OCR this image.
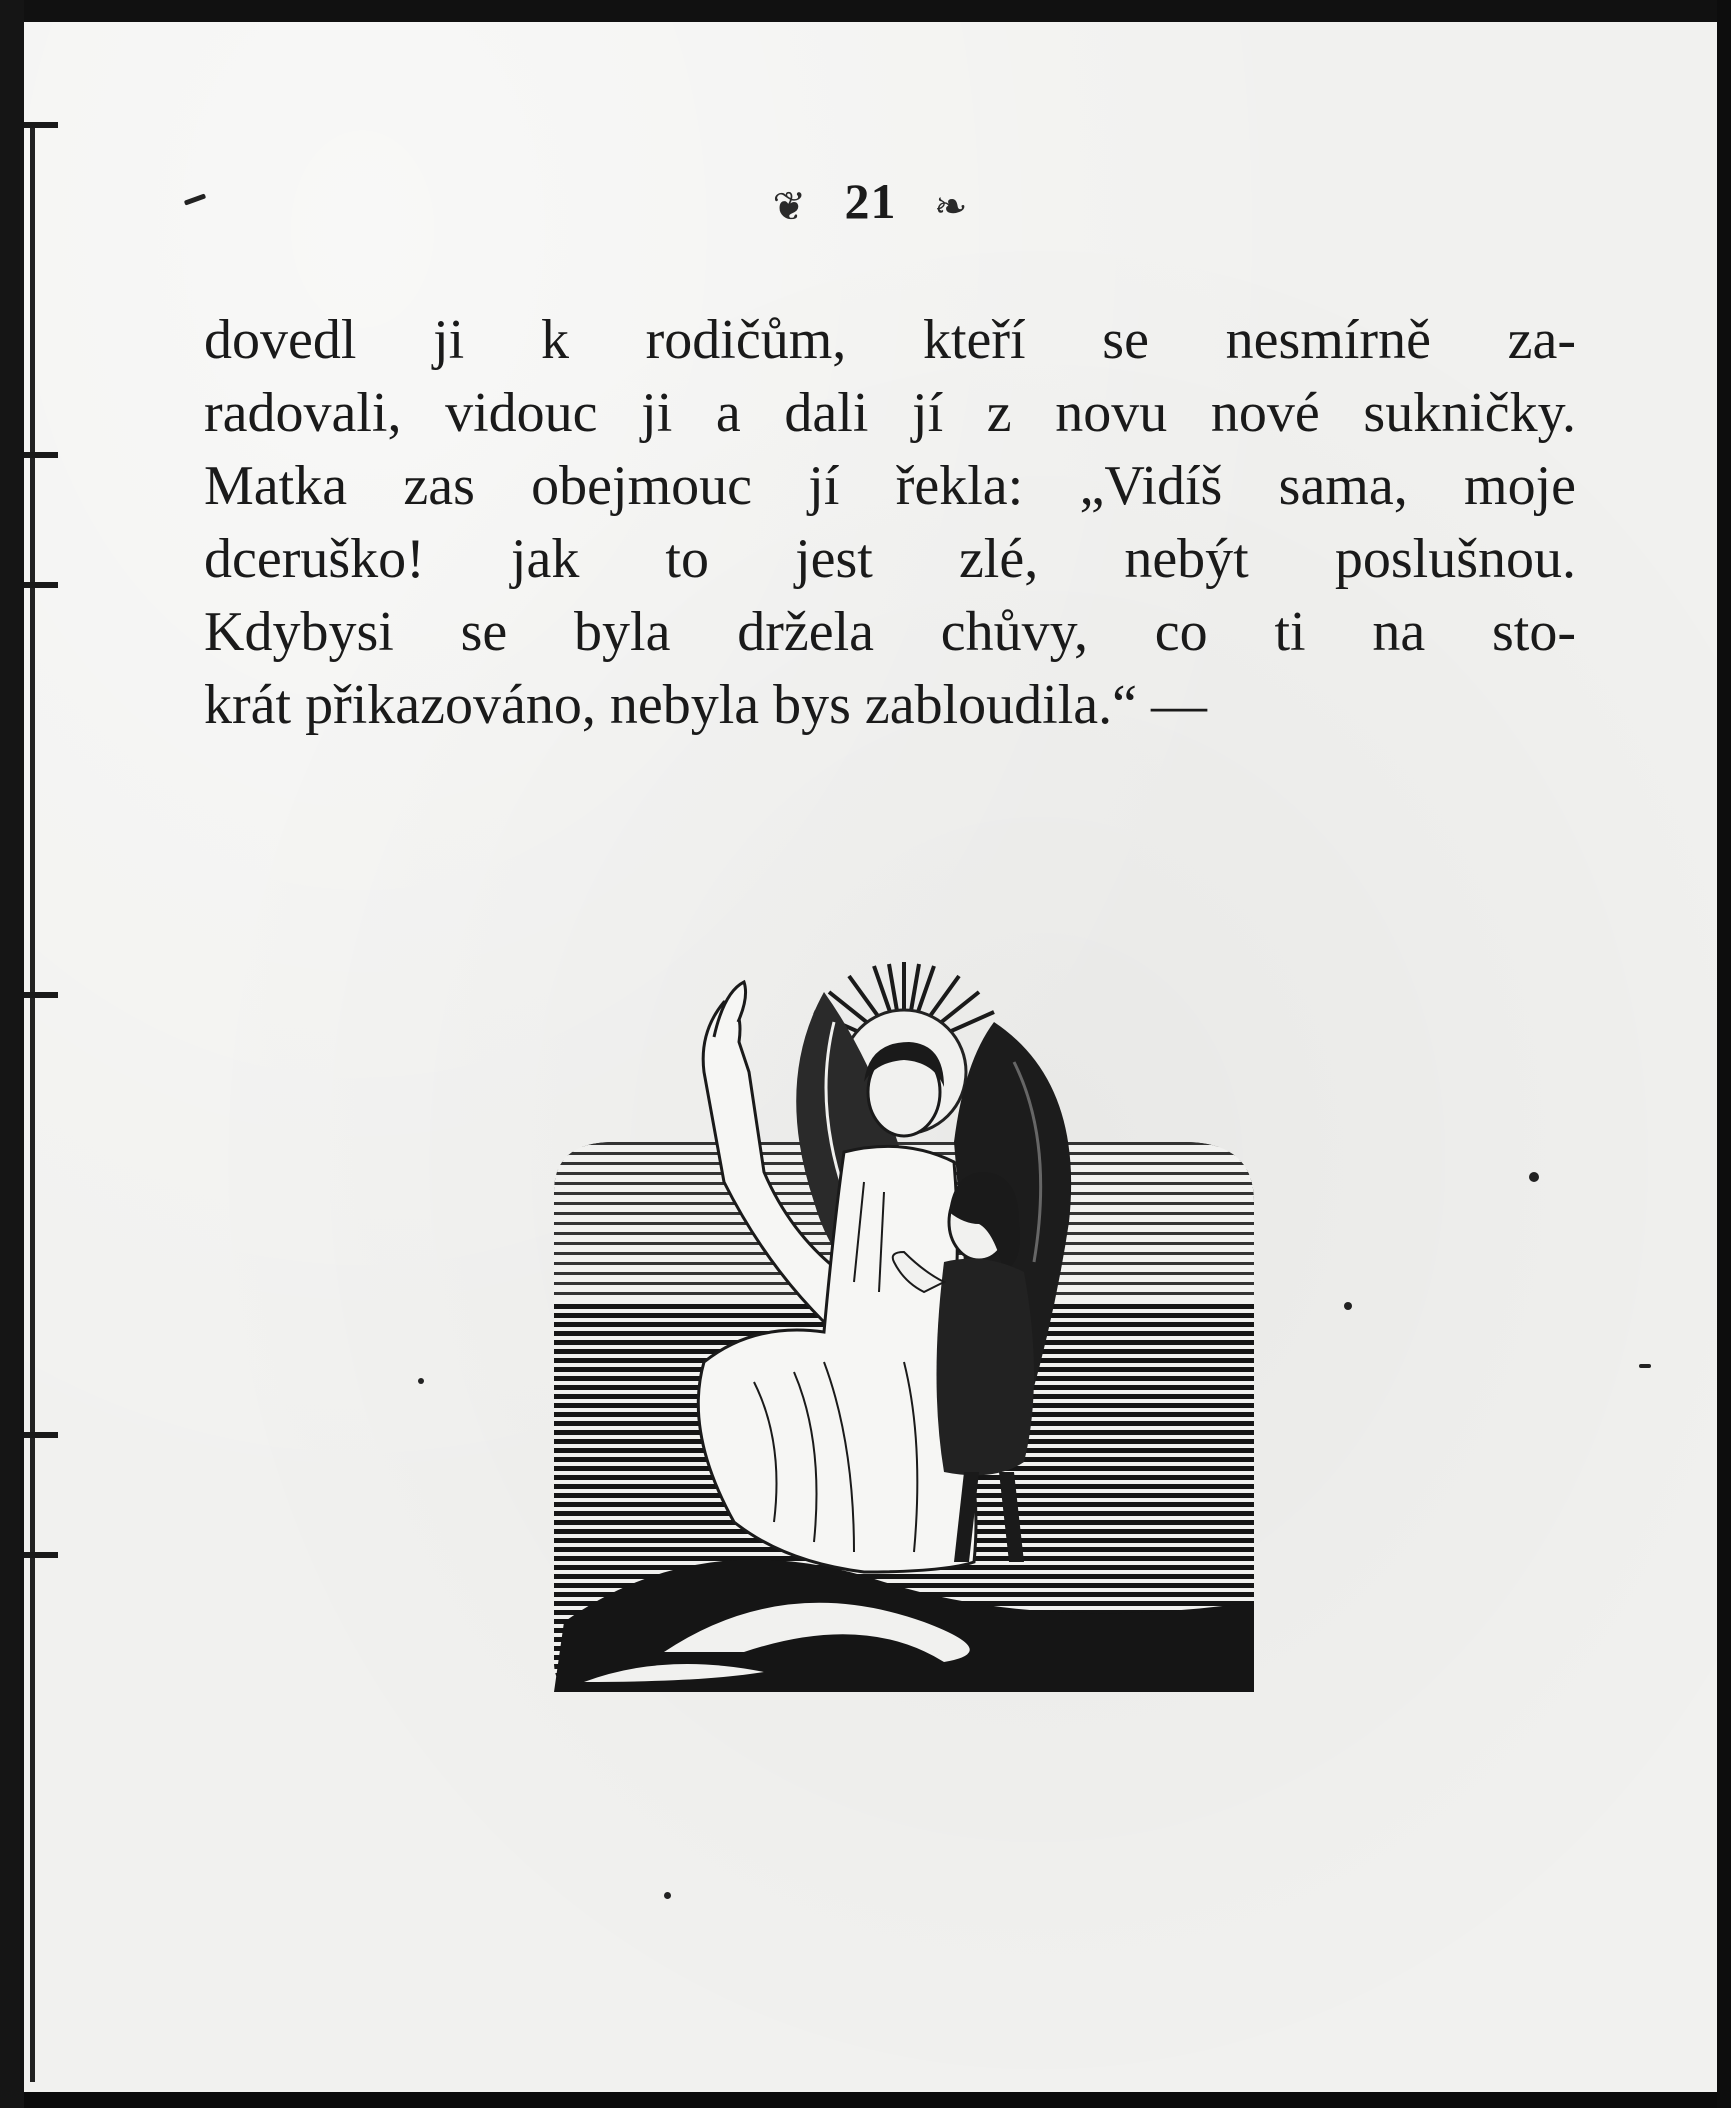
❦ 21 ❧
dovedl ji k rodičům, kteří se nesmírně za-
radovali, vidouc ji a dali jí z novu nové sukničky.
Matka zas obejmouc jí řekla: „Vidíš sama, moje
dceruško! jak to jest zlé, nebýt poslušnou.
Kdybysi se byla držela chůvy, co ti na sto-
krát přikazováno, nebyla bys zabloudila.“ —
